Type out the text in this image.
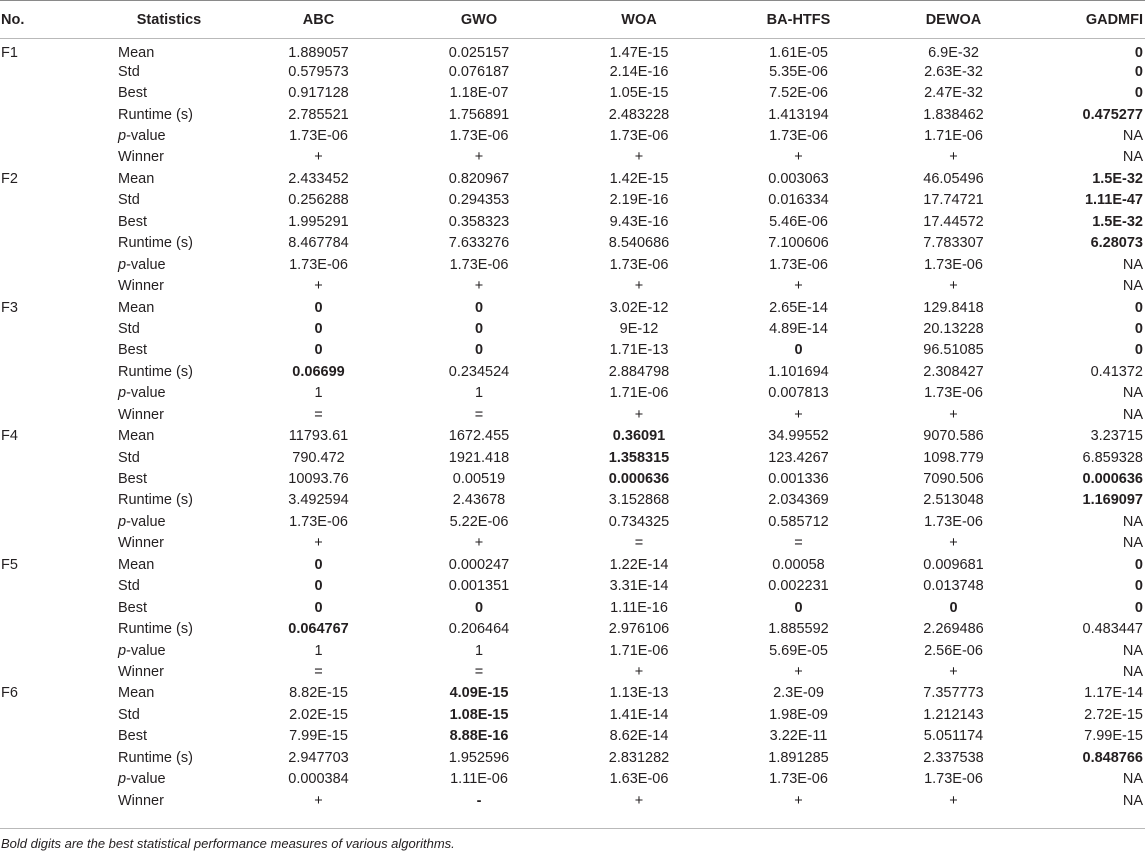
No.	Statistics	ABC	GWO	WOA	BA-HTFS	DEWOA	GADMFI
F1	Mean	1.889057	0.025157	1.47E-15	1.61E-05	6.9E-32	0
	Std	0.579573	0.076187	2.14E-16	5.35E-06	2.63E-32	0
	Best	0.917128	1.18E-07	1.05E-15	7.52E-06	2.47E-32	0
	Runtime (s)	2.785521	1.756891	2.483228	1.413194	1.838462	0.475277
	p-value	1.73E-06	1.73E-06	1.73E-06	1.73E-06	1.71E-06	NA
	Winner	+	+	+	+	+	NA
F2	Mean	2.433452	0.820967	1.42E-15	0.003063	46.05496	1.5E-32
	Std	0.256288	0.294353	2.19E-16	0.016334	17.74721	1.11E-47
	Best	1.995291	0.358323	9.43E-16	5.46E-06	17.44572	1.5E-32
	Runtime (s)	8.467784	7.633276	8.540686	7.100606	7.783307	6.28073
	p-value	1.73E-06	1.73E-06	1.73E-06	1.73E-06	1.73E-06	NA
	Winner	+	+	+	+	+	NA
F3	Mean	0	0	3.02E-12	2.65E-14	129.8418	0
	Std	0	0	9E-12	4.89E-14	20.13228	0
	Best	0	0	1.71E-13	0	96.51085	0
	Runtime (s)	0.06699	0.234524	2.884798	1.101694	2.308427	0.41372
	p-value	1	1	1.71E-06	0.007813	1.73E-06	NA
	Winner	=	=	+	+	+	NA
F4	Mean	11793.61	1672.455	0.36091	34.99552	9070.586	3.23715
	Std	790.472	1921.418	1.358315	123.4267	1098.779	6.859328
	Best	10093.76	0.00519	0.000636	0.001336	7090.506	0.000636
	Runtime (s)	3.492594	2.43678	3.152868	2.034369	2.513048	1.169097
	p-value	1.73E-06	5.22E-06	0.734325	0.585712	1.73E-06	NA
	Winner	+	+	=	=	+	NA
F5	Mean	0	0.000247	1.22E-14	0.00058	0.009681	0
	Std	0	0.001351	3.31E-14	0.002231	0.013748	0
	Best	0	0	1.11E-16	0	0	0
	Runtime (s)	0.064767	0.206464	2.976106	1.885592	2.269486	0.483447
	p-value	1	1	1.71E-06	5.69E-05	2.56E-06	NA
	Winner	=	=	+	+	+	NA
F6	Mean	8.82E-15	4.09E-15	1.13E-13	2.3E-09	7.357773	1.17E-14
	Std	2.02E-15	1.08E-15	1.41E-14	1.98E-09	1.212143	2.72E-15
	Best	7.99E-15	8.88E-16	8.62E-14	3.22E-11	5.051174	7.99E-15
	Runtime (s)	2.947703	1.952596	2.831282	1.891285	2.337538	0.848766
	p-value	0.000384	1.11E-06	1.63E-06	1.73E-06	1.73E-06	NA
	Winner	+	-	+	+	+	NA
Bold digits are the best statistical performance measures of various algorithms.
